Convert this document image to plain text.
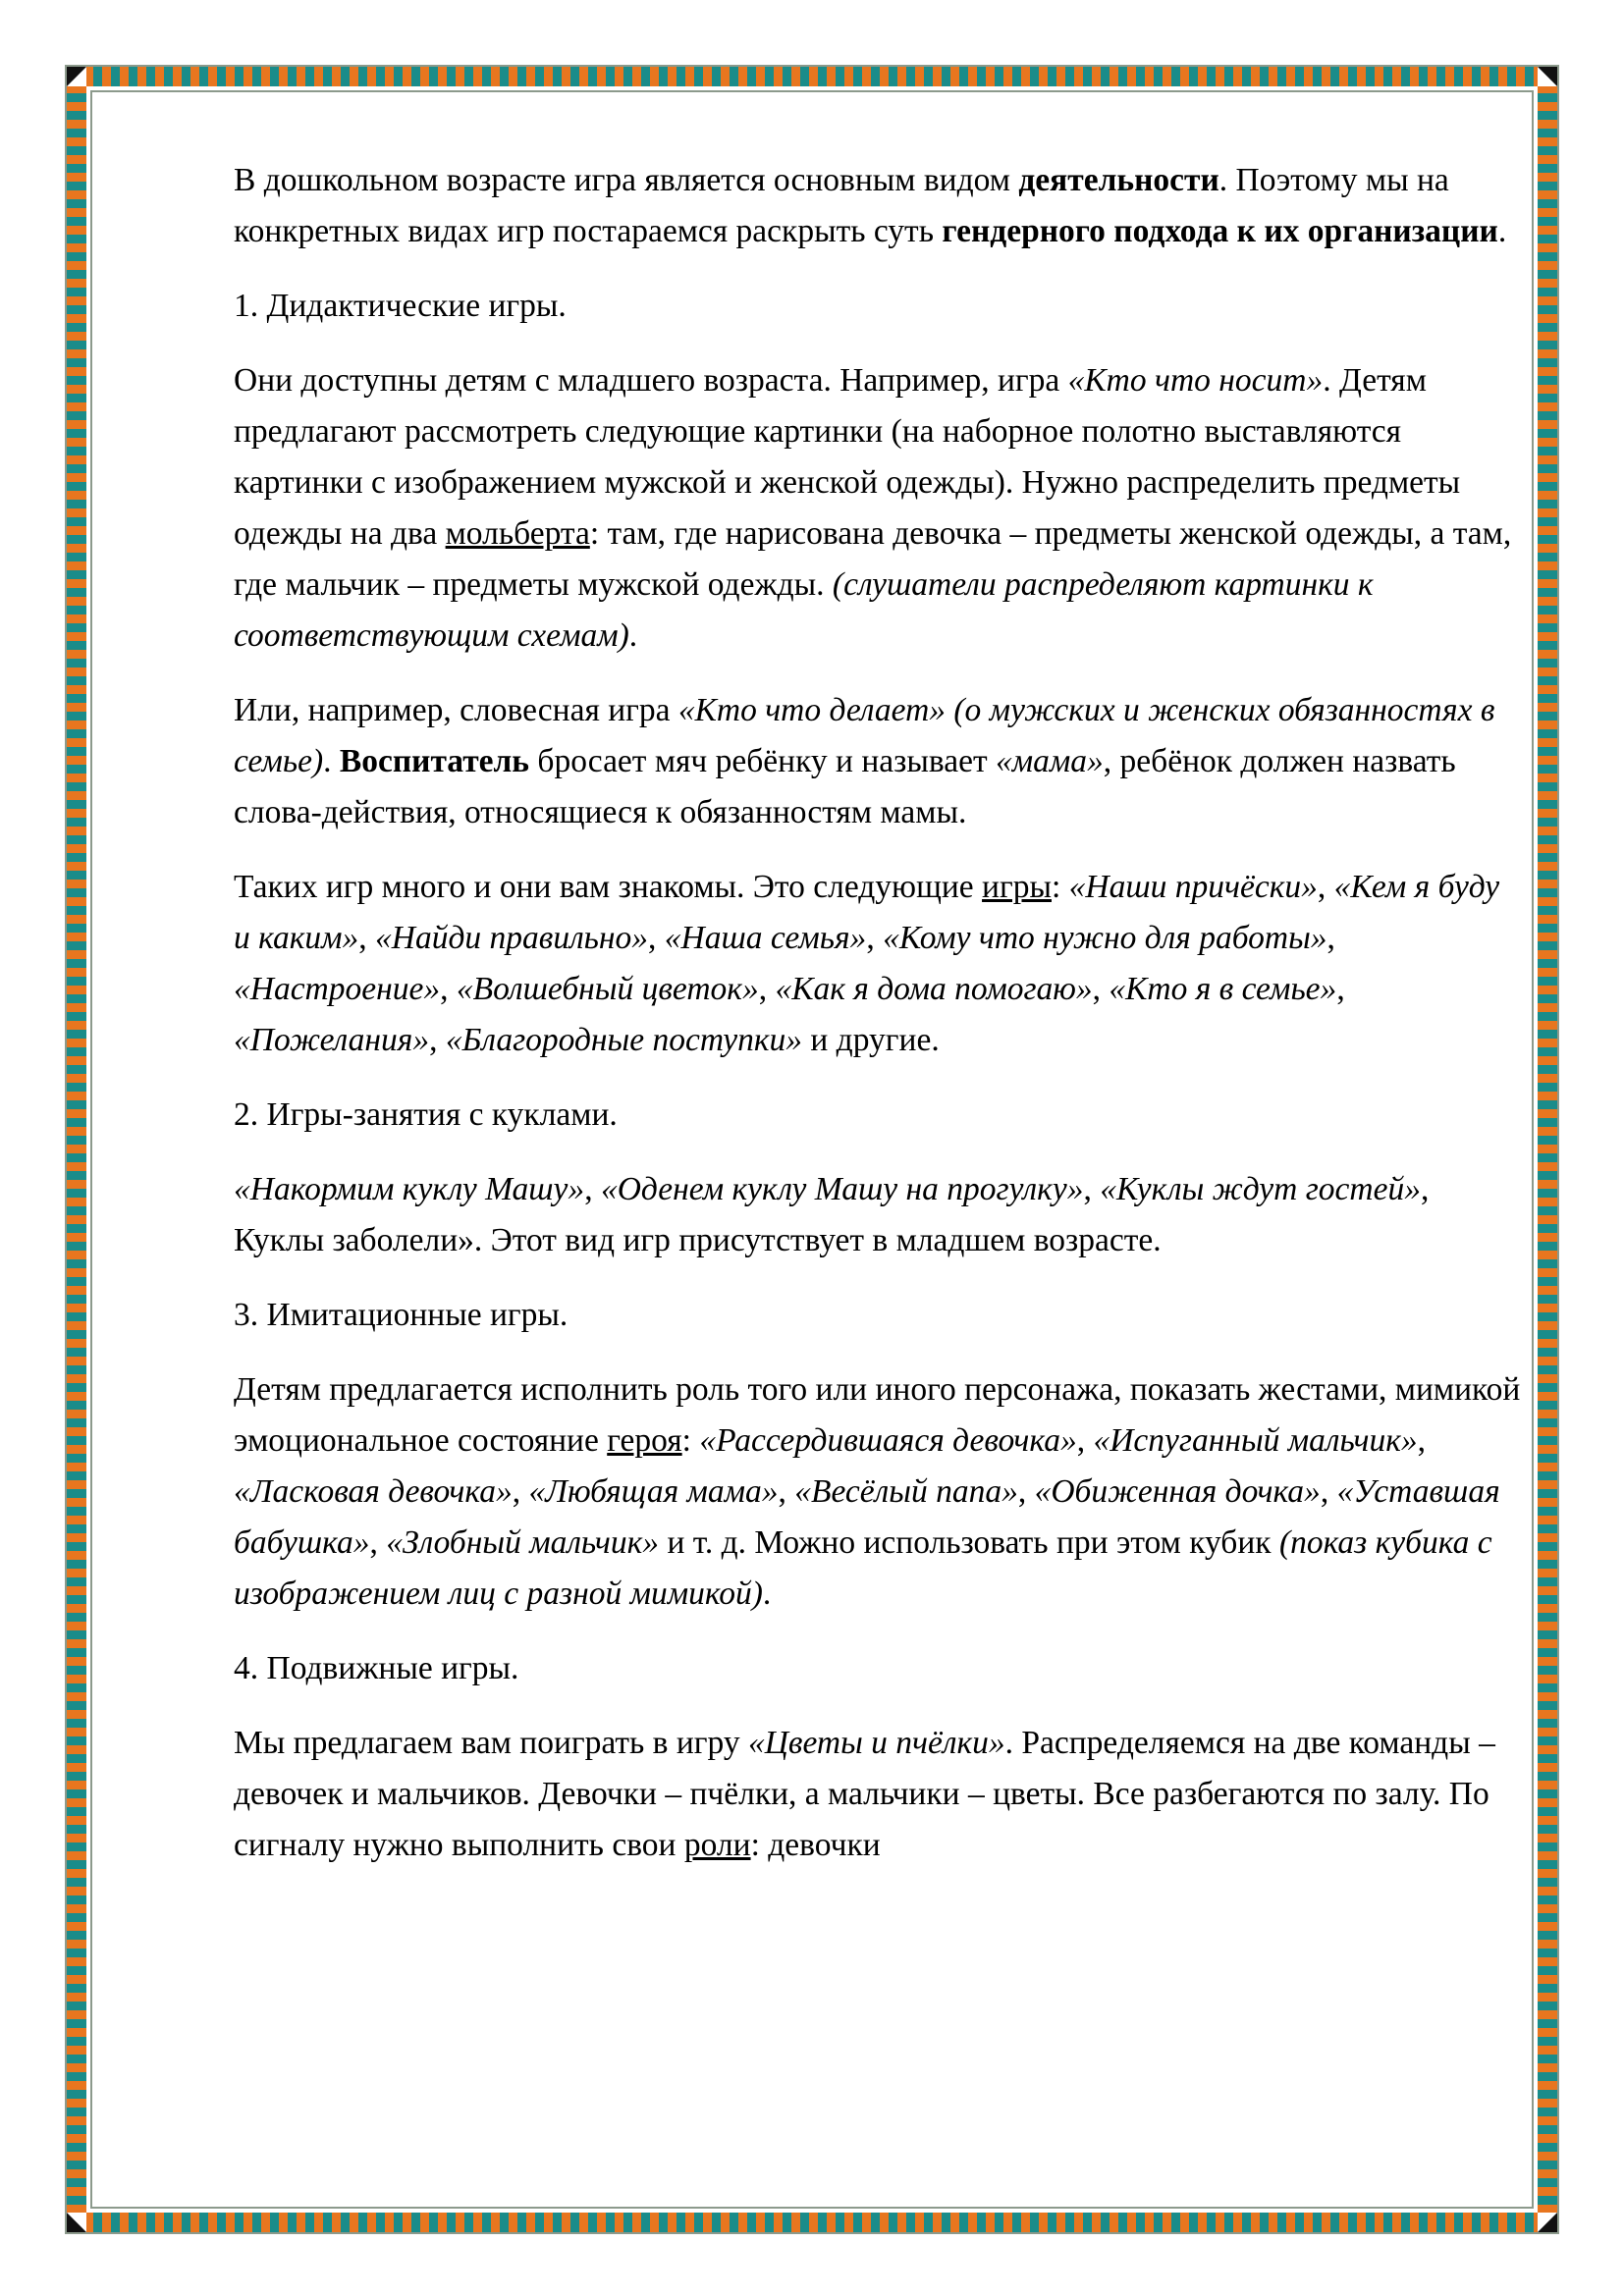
В дошкольном возрасте игра является основным видом деятельности. Поэтому мы на конкретных видах игр постараемся раскрыть суть гендерного подхода к их организации.

1. Дидактические игры.

Они доступны детям с младшего возраста. Например, игра «Кто что носит». Детям предлагают рассмотреть следующие картинки (на наборное полотно выставляются картинки с изображением мужской и женской одежды). Нужно распределить предметы одежды на два мольберта: там, где нарисована девочка – предметы женской одежды, а там, где мальчик – предметы мужской одежды. (слушатели распределяют картинки к соответствующим схемам).

Или, например, словесная игра «Кто что делает» (о мужских и женских обязанностях в семье). Воспитатель бросает мяч ребёнку и называет «мама», ребёнок должен назвать слова-действия, относящиеся к обязанностям мамы.

Таких игр много и они вам знакомы. Это следующие игры: «Наши причёски», «Кем я буду и каким», «Найди правильно», «Наша семья», «Кому что нужно для работы», «Настроение», «Волшебный цветок», «Как я дома помогаю», «Кто я в семье», «Пожелания», «Благородные поступки» и другие.

2. Игры-занятия с куклами.

«Накормим куклу Машу», «Оденем куклу Машу на прогулку», «Куклы ждут гостей», Куклы заболели». Этот вид игр присутствует в младшем возрасте.

3. Имитационные игры.

Детям предлагается исполнить роль того или иного персонажа, показать жестами, мимикой эмоциональное состояние героя: «Рассердившаяся девочка», «Испуганный мальчик», «Ласковая девочка», «Любящая мама», «Весёлый папа», «Обиженная дочка», «Уставшая бабушка», «Злобный мальчик» и т. д. Можно использовать при этом кубик (показ кубика с изображением лиц с разной мимикой).

4. Подвижные игры.

Мы предлагаем вам поиграть в игру «Цветы и пчёлки». Распределяемся на две команды – девочек и мальчиков. Девочки – пчёлки, а мальчики – цветы. Все разбегаются по залу. По сигналу нужно выполнить свои роли: девочки
